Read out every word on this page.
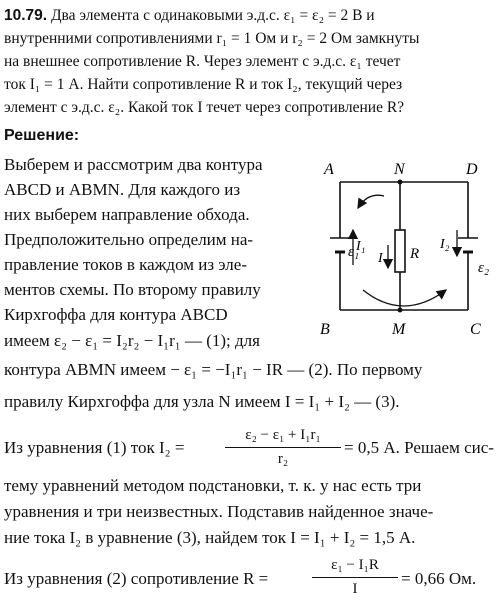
10.79. Два элемента с одинаковыми э.д.с. ε₁ = ε₂ = 2 В и
внутренними сопротивлениями r₁ = 1 Ом и r₂ = 2 Ом замкнуты
на внешнее сопротивление R. Через элемент с э.д.с. ε₁ течет
ток I₁ = 1 А. Найти сопротивление R и ток I₂, текущий через
элемент с э.д.с. ε₂. Какой ток I течет через сопротивление R?
Решение:
Выберем и рассмотрим два контура
ABCD и ABMN. Для каждого из
них выберем направление обхода.
Предположительно определим на-
правление токов в каждом из эле-
ментов схемы. По второму правилу
Кирхгоффа для контура ABCD
имеем ε₂ − ε₁ = I₂r₂ − I₁r₁ — (1); для
контура ABMN имеем − ε₁ = −I₁r₁ − IR — (2). По первому
правилу Кирхгоффа для узла N имеем I = I₁ + I₂ — (3).
Из уравнения (1) ток I₂ =
ε₂ − ε₁ + I₁r₁
r₂
= 0,5 А. Решаем сис-
тему уравнений методом подстановки, т. к. у нас есть три
уравнения и три неизвестных. Подставив найденное значе-
ние тока I₂ в уравнение (3), найдем ток I = I₁ + I₂ = 1,5 А.
Из уравнения (2) сопротивление R =
ε₁ − I₁R
I
= 0,66 Ом.
A	N	D
B	M	C
I₁
I
I₂
R
ε₁
ε₂
